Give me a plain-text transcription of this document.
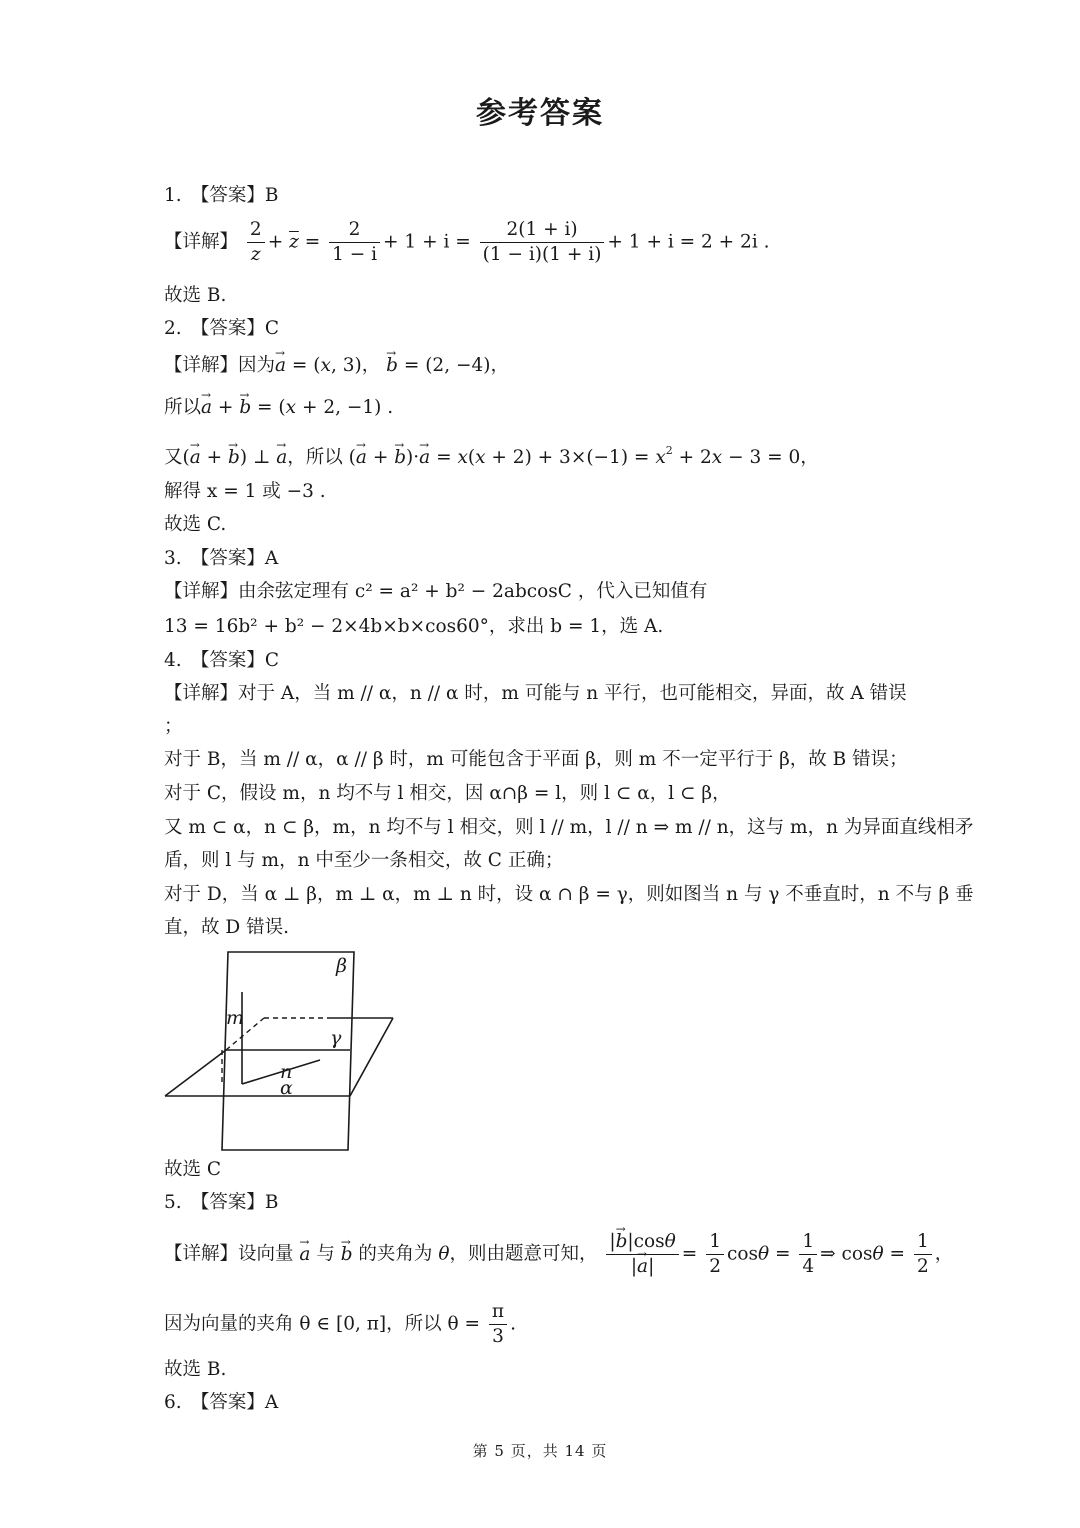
参考答案
1.　【答案】B
【详解】 $\frac{2}{z} + \overline{z} = \frac{2}{1 - i} + 1 + i = \frac{2(1 + i)}{(1 - i)(1 + i)} + 1 + i = 2 + 2i$ .
故选 B.
2.　【答案】C
【详解】因为→ a = (x, 3)， → b = (2, −4)，
所以→ a + → b = (x + 2, −1) .
又(→ a + → b) ⊥ → a，所以 (→ a + → $b)\cdot\to a = x(x + 2) + 3\times(-1) = x^2 + 2x - 3 = 0$，
解得 x = 1 或 −3 .
故选 C.
3.　【答案】A
【详解】由余弦定理有 c² = a² + b² − 2abcosC ，代入已知值有
13 = 16b² + b² − 2×4b×b×cos60°，求出 b = 1，选 A.
4.　【答案】C
【详解】对于 A，当 m // α，n // α 时，m 可能与 n 平行，也可能相交，异面，故 A 错误
；
对于 B，当 m // α，α // β 时，m 可能包含于平面 β，则 m 不一定平行于 β，故 B 错误；
对于 C，假设 m，n 均不与 l 相交，因 α∩β = l，则 l ⊂ α，l ⊂ β，
又 m ⊂ α，n ⊂ β，m，n 均不与 l 相交，则 l // m，l // n ⇒ m // n，这与 m，n 为异面直线相矛
盾，则 l 与 m，n 中至少一条相交，故 C 正确；
对于 D，当 α ⊥ β，m ⊥ α，m ⊥ n 时，设 α ∩ β = γ，则如图当 n 与 γ 不垂直时，n 不与 β 垂
直，故 D 错误.
β
m
γ
n
α
故选 C
5.　【答案】B
【详解】设向量 → a 与 → b 的夹角为 θ，则由题意可知， $\frac{|\to b|\cos\theta}{|\to a|} = \frac{1}{2}$ $\cos\theta = \frac{1}{4}$ ⇒ $\cos\theta = \frac{1}{2}$ ，
因为向量的夹角 θ ∈ [0, π]，所以 $\theta = \frac{\pi}{3}$ .
故选 B.
6.　【答案】A
第 5 页，共 14 页
